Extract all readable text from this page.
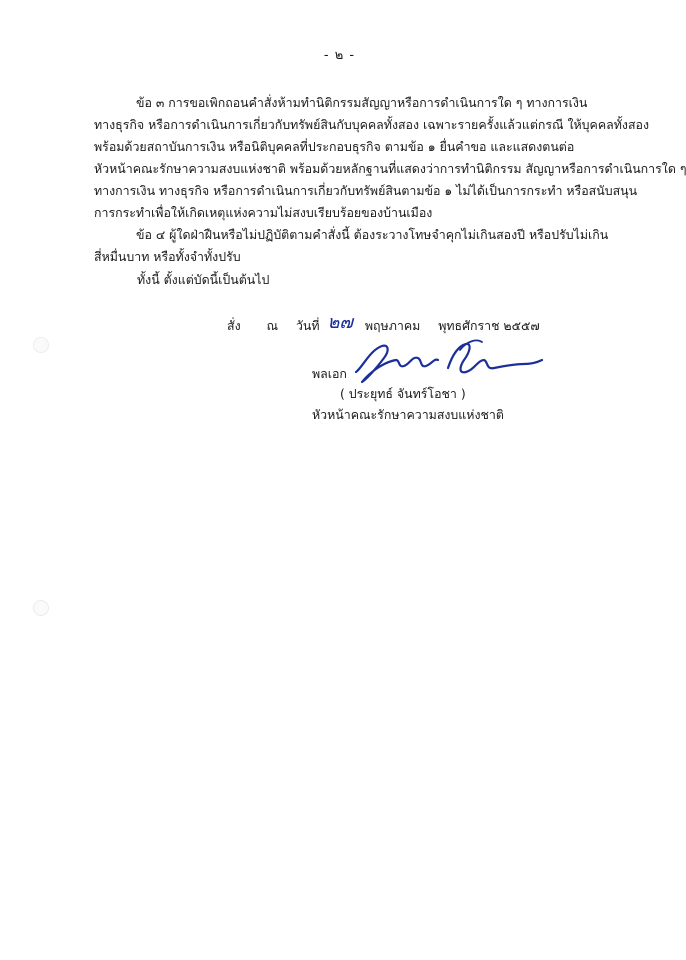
- ๒ -
ข้อ ๓ การขอเพิกถอนคำสั่งห้ามทำนิติกรรมสัญญาหรือการดำเนินการใด ๆ ทางการเงิน
ทางธุรกิจ หรือการดำเนินการเกี่ยวกับทรัพย์สินกับบุคคลทั้งสอง เฉพาะรายครั้งแล้วแต่กรณี ให้บุคคลทั้งสอง
พร้อมด้วยสถาบันการเงิน หรือนิติบุคคลที่ประกอบธุรกิจ ตามข้อ ๑ ยื่นคำขอ และแสดงตนต่อ
หัวหน้าคณะรักษาความสงบแห่งชาติ พร้อมด้วยหลักฐานที่แสดงว่าการทำนิติกรรม สัญญาหรือการดำเนินการใด ๆ
ทางการเงิน ทางธุรกิจ หรือการดำเนินการเกี่ยวกับทรัพย์สินตามข้อ ๑ ไม่ได้เป็นการกระทำ หรือสนับสนุน
การกระทำเพื่อให้เกิดเหตุแห่งความไม่สงบเรียบร้อยของบ้านเมือง
ข้อ ๔ ผู้ใดฝ่าฝืนหรือไม่ปฏิบัติตามคำสั่งนี้ ต้องระวางโทษจำคุกไม่เกินสองปี หรือปรับไม่เกิน
สี่หมื่นบาท หรือทั้งจำทั้งปรับ
ทั้งนี้ ตั้งแต่บัดนี้เป็นต้นไป
สั่ง ณ วันที่ ๒๗ พฤษภาคม พุทธศักราช ๒๕๕๗
พลเอก
( ประยุทธ์ จันทร์โอชา )
หัวหน้าคณะรักษาความสงบแห่งชาติ
